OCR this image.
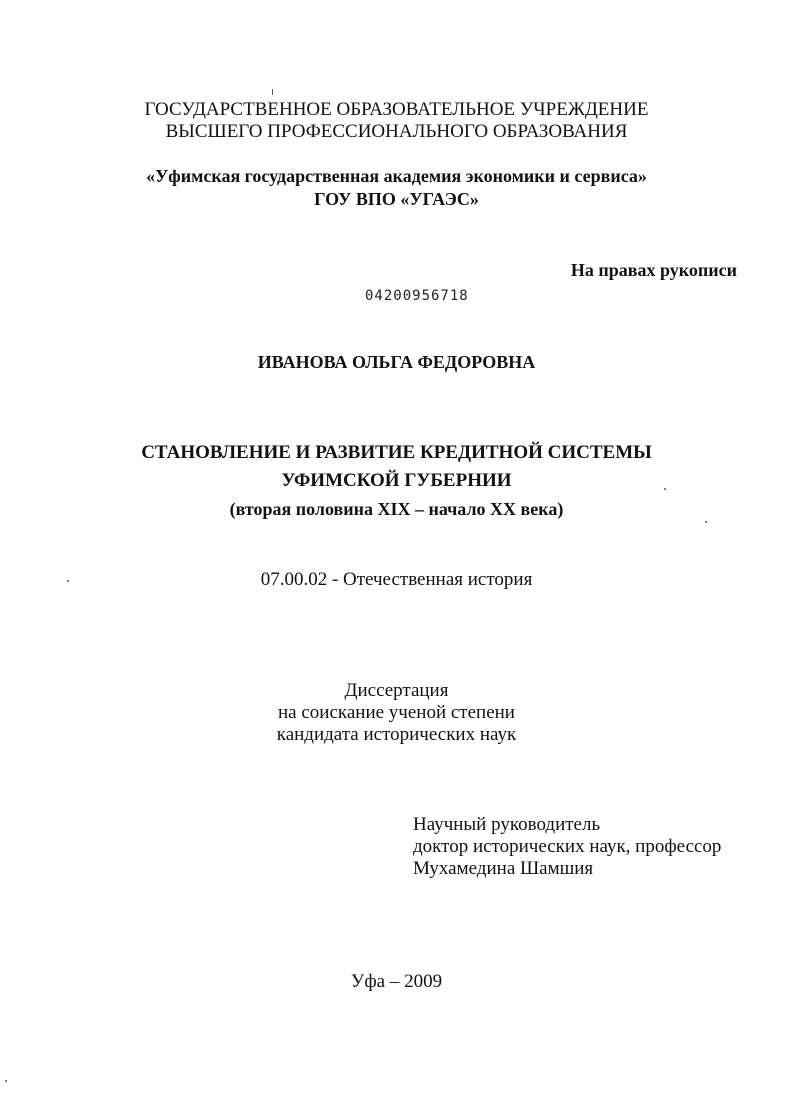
ГОСУДАРСТВЕННОЕ ОБРАЗОВАТЕЛЬНОЕ УЧРЕЖДЕНИЕ
ВЫСШЕГО ПРОФЕССИОНАЛЬНОГО ОБРАЗОВАНИЯ
«Уфимская государственная академия экономики и сервиса»
ГОУ ВПО «УГАЭС»
На правах рукописи
04200956718
ИВАНОВА ОЛЬГА ФЕДОРОВНА
СТАНОВЛЕНИЕ И РАЗВИТИЕ КРЕДИТНОЙ СИСТЕМЫ
УФИМСКОЙ ГУБЕРНИИ
(вторая половина XIX – начало XX века)
07.00.02 - Отечественная история
Диссертация
на соискание ученой степени
кандидата исторических наук
Научный руководитель
доктор исторических наук, профессор
Мухамедина Шамшия
Уфа – 2009
